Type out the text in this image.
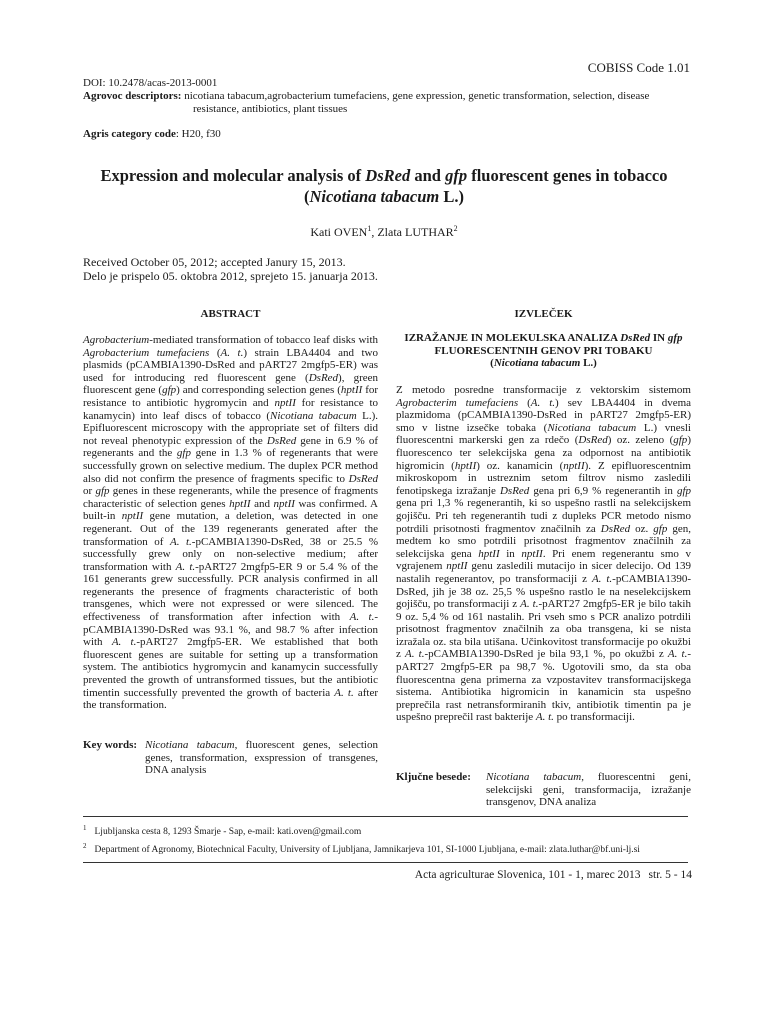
COBISS Code 1.01
DOI: 10.2478/acas-2013-0001
Agrovoc descriptors: nicotiana tabacum,agrobacterium tumefaciens, gene expression, genetic transformation, selection, disease
resistance, antibiotics, plant tissues
Agris category code: H20, f30
Expression and molecular analysis of DsRed and gfp fluorescent genes in tobacco (Nicotiana tabacum L.)
Kati OVEN$^1$, Zlata LUTHAR$^2$
Received October 05, 2012; accepted Janury 15, 2013.
Delo je prispelo 05. oktobra 2012, sprejeto 15. januarja 2013.
ABSTRACT	IZVLEČEK
Agrobacterium-mediated transformation of tobacco leaf disks with Agrobacterium tumefaciens (A. t.) strain LBA4404 and two plasmids (pCAMBIA1390-DsRed and pART27 2mgfp5-ER) was used for introducing red fluorescent gene (DsRed), green fluorescent gene (gfp) and corresponding selection genes (hptII for resistance to antibiotic hygromycin and nptII for resistance to kanamycin) into leaf discs of tobacco (Nicotiana tabacum L.). Epifluorescent microscopy with the appropriate set of filters did not reveal phenotypic expression of the DsRed gene in 6.9 % of regenerants and the gfp gene in 1.3 % of regenerants that were successfully grown on selective medium. The duplex PCR method also did not confirm the presence of fragments specific to DsRed or gfp genes in these regenerants, while the presence of fragments characteristic of selection genes hptII and nptII was confirmed. A built-in nptII gene mutation, a deletion, was detected in one regenerant. Out of the 139 regenerants generated after the transformation of A. t.-pCAMBIA1390-DsRed, 38 or 25.5 % successfully grew only on non-selective medium; after transformation with A. t.-pART27 2mgfp5-ER 9 or 5.4 % of the 161 generants grew successfully. PCR analysis confirmed in all regenerants the presence of fragments characteristic of both transgenes, which were not expressed or were silenced. The effectiveness of transformation after infection with A. t.-pCAMBIA1390-DsRed was 93.1 %, and 98.7 % after infection with A. t.-pART27 2mgfp5-ER. We established that both fluorescent genes are suitable for setting up a transformation system. The antibiotics hygromycin and kanamycin successfully prevented the growth of untransformed tissues, but the antibiotic timentin successfully prevented the growth of bacteria A. t. after the transformation.
Key words: Nicotiana tabacum, fluorescent genes, selection genes, transformation, exspression of transgenes, DNA analysis
IZRAŽANJE IN MOLEKULSKA ANALIZA DsRed IN gfp FLUORESCENTNIH GENOV PRI TOBAKU
(Nicotiana tabacum L.)
Z metodo posredne transformacije z vektorskim sistemom Agrobacterim tumefaciens (A. t.) sev LBA4404 in dvema plazmidoma (pCAMBIA1390-DsRed in pART27 2mgfp5-ER) smo v listne izsečke tobaka (Nicotiana tabacum L.) vnesli fluorescentni markerski gen za rdečo (DsRed) oz. zeleno (gfp) fluorescenco ter selekcijska gena za odpornost na antibiotik higromicin (hptII) oz. kanamicin (nptII). Z epifluorescentnim mikroskopom in ustreznim setom filtrov nismo zasledili fenotipskega izražanje DsRed gena pri 6,9 % regenerantih in gfp gena pri 1,3 % regenerantih, ki so uspešno rastli na selekcijskem gojišču. Pri teh regenerantih tudi z dupleks PCR metodo nismo potrdili prisotnosti fragmentov značilnih za DsRed oz. gfp gen, medtem ko smo potrdili prisotnost fragmentov značilnih za selekcijska gena hptII in nptII. Pri enem regenerantu smo v vgrajenem nptII genu zasledili mutacijo in sicer delecijo. Od 139 nastalih regenerantov, po transformaciji z A. t.-pCAMBIA1390-DsRed, jih je 38 oz. 25,5 % uspešno rastlo le na neselekcijskem gojišču, po transformaciji z A. t.-pART27 2mgfp5-ER je bilo takih 9 oz. 5,4 % od 161 nastalih. Pri vseh smo s PCR analizo potrdili prisotnost fragmentov značilnih za oba transgena, ki se nista izražala oz. sta bila utišana. Učinkovitost transformacije po okužbi z A. t.-pCAMBIA1390-DsRed je bila 93,1 %, po okužbi z A. t.-pART27 2mgfp5-ER pa 98,7 %. Ugotovili smo, da sta oba fluorescentna gena primerna za vzpostavitev transformacijskega sistema. Antibiotika higromicin in kanamicin sta uspešno preprečila rast netransformiranih tkiv, antibiotik timentin pa je uspešno preprečil rast bakterije A. t. po transformaciji.
Ključne besede: Nicotiana tabacum, fluorescentni geni, selekcijski geni, transformacija, izražanje transgenov, DNA analiza
$^1$ Ljubljanska cesta 8, 1293 Šmarje - Sap, e-mail: kati.oven@gmail.com
$^2$ Department of Agronomy, Biotechnical Faculty, University of Ljubljana, Jamnikarjeva 101, SI-1000 Ljubljana, e-mail: zlata.luthar@bf.uni-lj.si
Acta agriculturae Slovenica, 101 - 1, marec 2013 str. 5 - 14
